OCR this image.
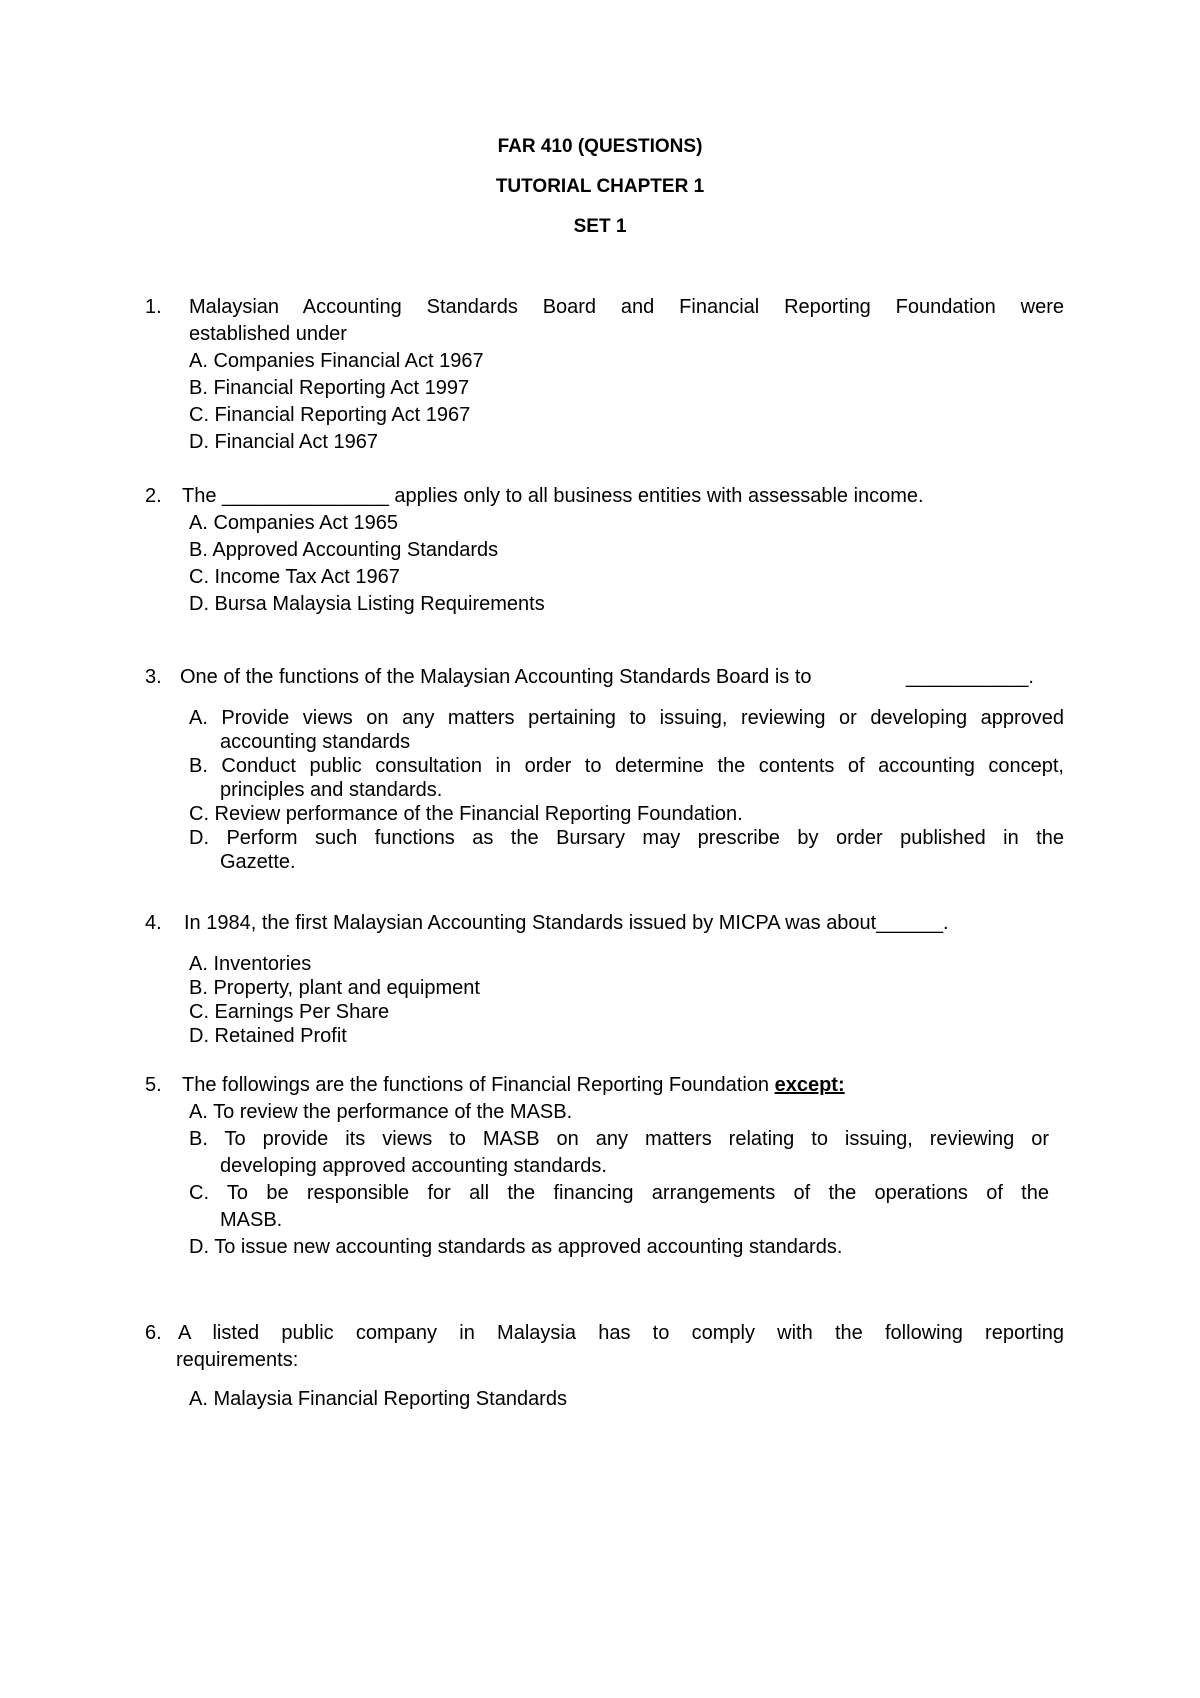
FAR 410 (QUESTIONS)
TUTORIAL CHAPTER 1
SET 1
1. Malaysian Accounting Standards Board and Financial Reporting Foundation were
established under
A. Companies Financial Act 1967
B. Financial Reporting Act 1997
C. Financial Reporting Act 1967
D. Financial Act 1967
2. The _______________ applies only to all business entities with assessable income.
A. Companies Act 1965
B. Approved Accounting Standards
C. Income Tax Act 1967
D. Bursa Malaysia Listing Requirements
3. One of the functions of the Malaysian Accounting Standards Board is to	___________.
A. Provide views on any matters pertaining to issuing, reviewing or developing approved
accounting standards
B. Conduct public consultation in order to determine the contents of accounting concept,
principles and standards.
C. Review performance of the Financial Reporting Foundation.
D. Perform such functions as the Bursary may prescribe by order published in the
Gazette.
4. In 1984, the first Malaysian Accounting Standards issued by MICPA was about______.
A. Inventories
B. Property, plant and equipment
C. Earnings Per Share
D. Retained Profit
5. The followings are the functions of Financial Reporting Foundation except:
A. To review the performance of the MASB.
B. To provide its views to MASB on any matters relating to issuing, reviewing or
developing approved accounting standards.
C. To be responsible for all the financing arrangements of the operations of the
MASB.
D. To issue new accounting standards as approved accounting standards.
6. A listed public company in Malaysia has to comply with the following reporting
requirements:
A. Malaysia Financial Reporting Standards
